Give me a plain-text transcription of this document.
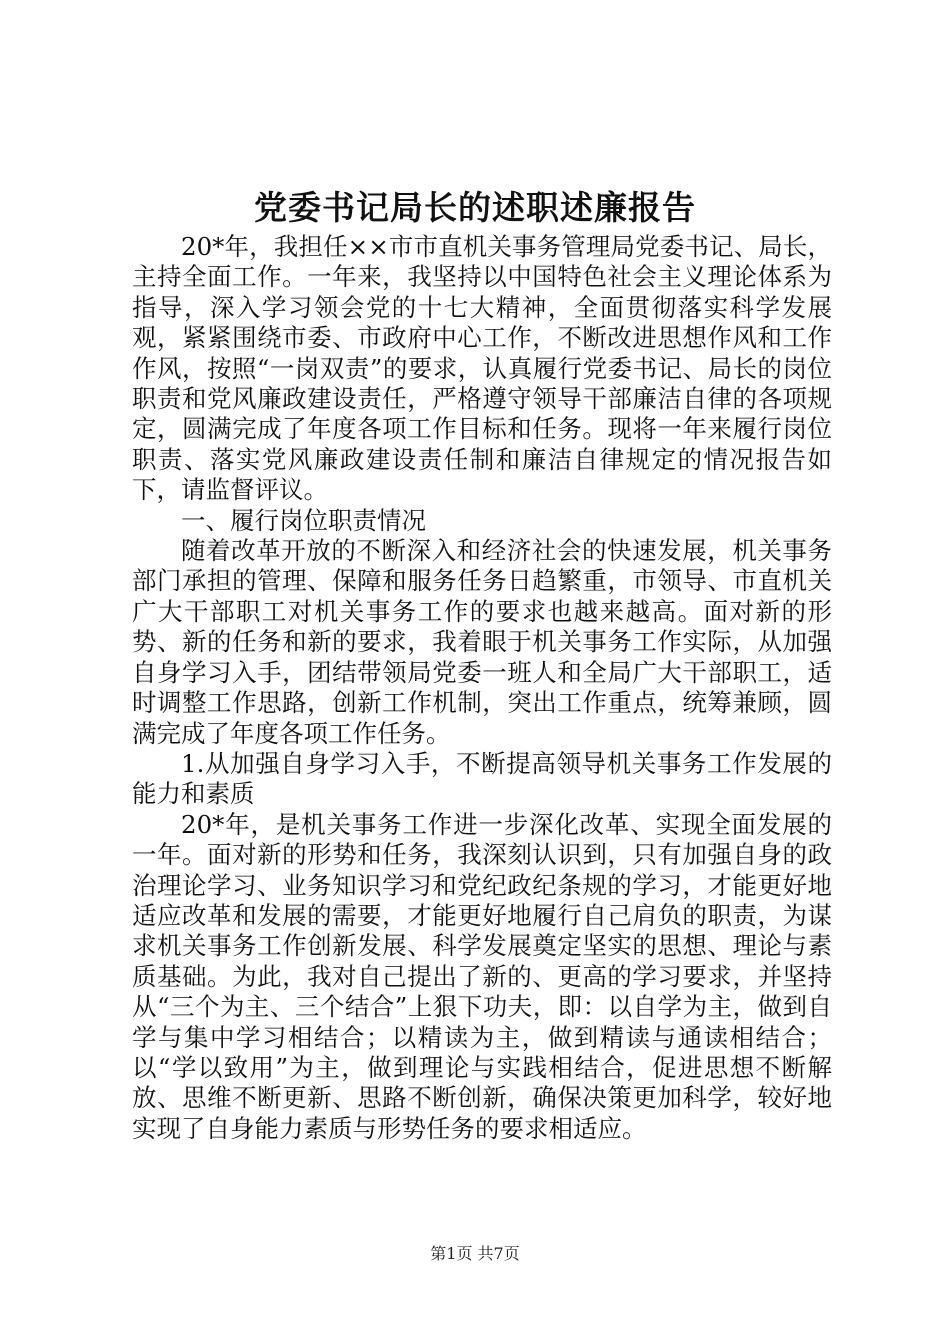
党委书记局长的述职述廉报告

20*年，我担任××市市直机关事务管理局党委书记、局长，主持全面工作。一年来，我坚持以中国特色社会主义理论体系为指导，深入学习领会党的十七大精神，全面贯彻落实科学发展观，紧紧围绕市委、市政府中心工作，不断改进思想作风和工作作风，按照“一岗双责”的要求，认真履行党委书记、局长的岗位职责和党风廉政建设责任，严格遵守领导干部廉洁自律的各项规定，圆满完成了年度各项工作目标和任务。现将一年来履行岗位职责、落实党风廉政建设责任制和廉洁自律规定的情况报告如下，请监督评议。

一、履行岗位职责情况

随着改革开放的不断深入和经济社会的快速发展，机关事务部门承担的管理、保障和服务任务日趋繁重，市领导、市直机关广大干部职工对机关事务工作的要求也越来越高。面对新的形势、新的任务和新的要求，我着眼于机关事务工作实际，从加强自身学习入手，团结带领局党委一班人和全局广大干部职工，适时调整工作思路，创新工作机制，突出工作重点，统筹兼顾，圆满完成了年度各项工作任务。

1.从加强自身学习入手，不断提高领导机关事务工作发展的能力和素质

20*年，是机关事务工作进一步深化改革、实现全面发展的一年。面对新的形势和任务，我深刻认识到，只有加强自身的政治理论学习、业务知识学习和党纪政纪条规的学习，才能更好地适应改革和发展的需要，才能更好地履行自己肩负的职责，为谋求机关事务工作创新发展、科学发展奠定坚实的思想、理论与素质基础。为此，我对自己提出了新的、更高的学习要求，并坚持从“三个为主、三个结合”上狠下功夫，即：以自学为主，做到自学与集中学习相结合；以精读为主，做到精读与通读相结合；以“学以致用”为主，做到理论与实践相结合，促进思想不断解放、思维不断更新、思路不断创新，确保决策更加科学，较好地实现了自身能力素质与形势任务的要求相适应。

第1页 共7页
